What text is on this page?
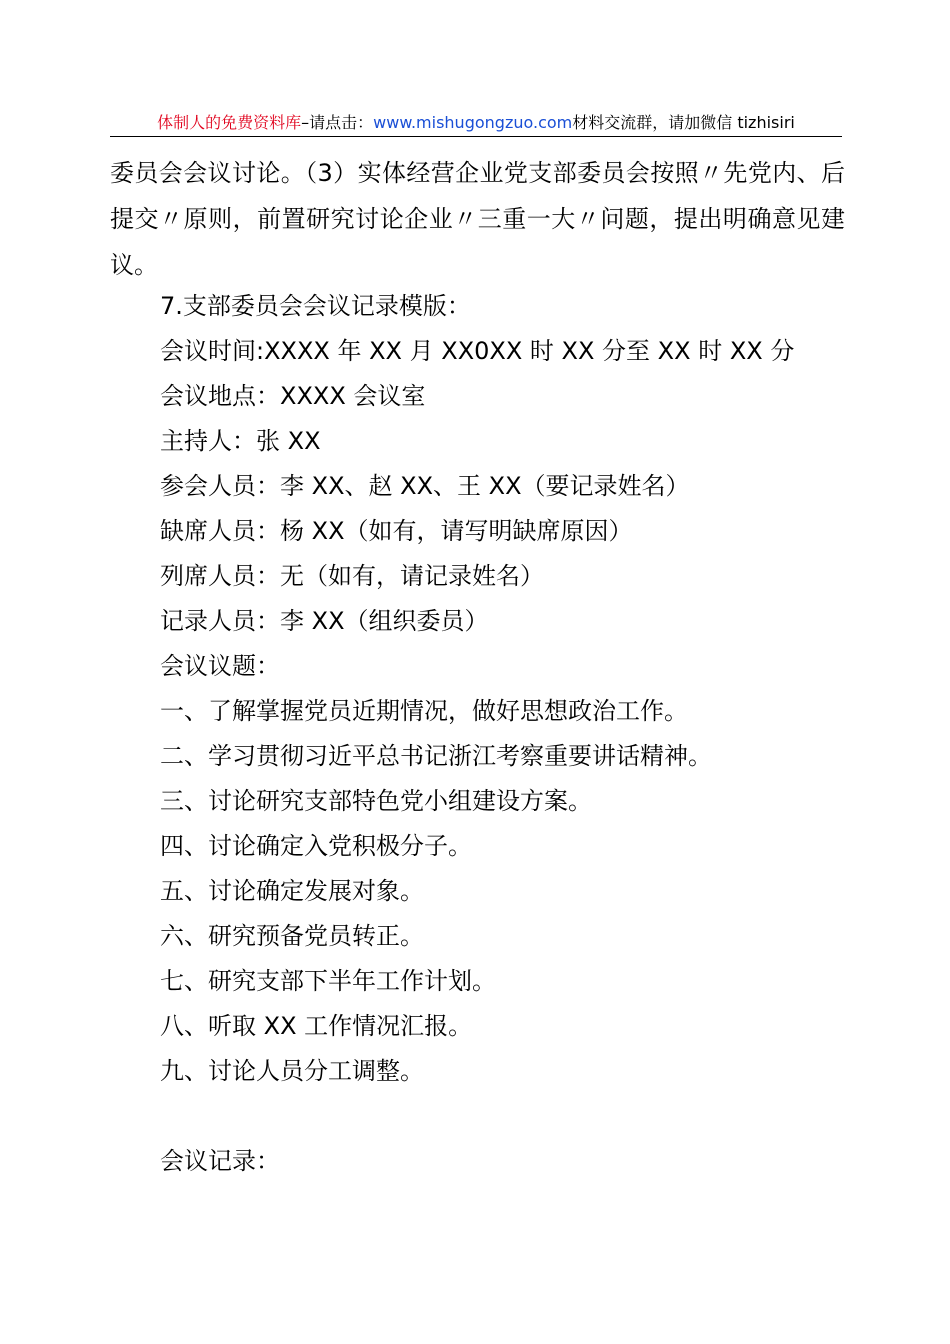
体制人的免费资料库–请点击：www.mishugongzuo.com材料交流群，请加微信 tizhisiri
委员会会议讨论。（3）实体经营企业党支部委员会按照〃先党内、后提交〃原则，前置研究讨论企业〃三重一大〃问题，提出明确意见建议。
7.支部委员会会议记录模版：
会议时间:XXXX 年 XX 月 XX0XX 时 XX 分至 XX 时 XX 分
会议地点：XXXX 会议室
主持人：张 XX
参会人员：李 XX、赵 XX、王 XX（要记录姓名）
缺席人员：杨 XX（如有，请写明缺席原因）
列席人员：无（如有，请记录姓名）
记录人员：李 XX（组织委员）
会议议题：
一、了解掌握党员近期情况，做好思想政治工作。
二、学习贯彻习近平总书记浙江考察重要讲话精神。
三、讨论研究支部特色党小组建设方案。
四、讨论确定入党积极分子。
五、讨论确定发展对象。
六、研究预备党员转正。
七、研究支部下半年工作计划。
八、听取 XX 工作情况汇报。
九、讨论人员分工调整。
会议记录：
